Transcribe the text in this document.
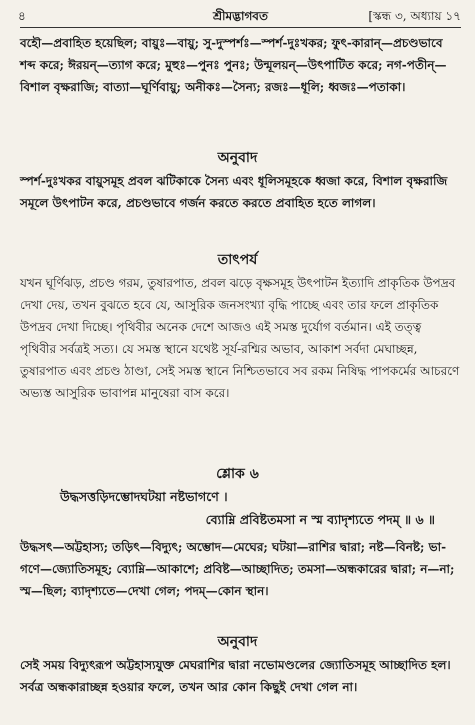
৪	শ্রীমদ্ভাগবত	[স্কন্ধ ৩, অধ্যায় ১৭

বহৌ—প্রবাহিত হয়েছিল; বায়ুঃ—বায়ু; সু-দুস্পর্শঃ—স্পর্শ-দুঃখকর; ফুৎ-কারান্—প্রচণ্ডভাবে শব্দ করে; ঈরয়ন্—ত্যাগ করে; মুহুঃ—পুনঃ পুনঃ; উন্মূলয়ন্—উৎপাটিত করে; নগ-পতীন্—বিশাল বৃক্ষরাজি; বাত্যা—ঘূর্ণিবায়ু; অনীকঃ—সৈন্য; রজঃ—ধূলি; ধ্বজঃ—পতাকা।

অনুবাদ

স্পর্শ-দুঃখকর বায়ুসমূহ প্রবল ঝটিকাকে সৈন্য এবং ধূলিসমূহকে ধ্বজা করে, বিশাল বৃক্ষরাজি সমূলে উৎপাটন করে, প্রচণ্ডভাবে গর্জন করতে করতে প্রবাহিত হতে লাগল।

তাৎপর্য

যখন ঘূর্ণিঝড়, প্রচণ্ড গরম, তুষারপাত, প্রবল ঝড়ে বৃক্ষসমূহ উৎপাটন ইত্যাদি প্রাকৃতিক উপদ্রব দেখা দেয়, তখন বুঝতে হবে যে, আসুরিক জনসংখ্যা বৃদ্ধি পাচ্ছে এবং তার ফলে প্রাকৃতিক উপদ্রব দেখা দিচ্ছে। পৃথিবীর অনেক দেশে আজও এই সমস্ত দুর্যোগ বর্তমান। এই তত্ত্ব পৃথিবীর সর্বত্রই সত্য। যে সমস্ত স্থানে যথেষ্ট সূর্য-রশ্মির অভাব, আকাশ সর্বদা মেঘাচ্ছন্ন, তুষারপাত এবং প্রচণ্ড ঠাণ্ডা, সেই সমস্ত স্থানে নিশ্চিতভাবে সব রকম নিষিদ্ধ পাপকর্মের আচরণে অভ্যস্ত আসুরিক ভাবাপন্ন মানুষেরা বাস করে।

শ্লোক ৬
উদ্ধসত্তড়িদম্ভোদঘটয়া নষ্টভাগণে ।
ব্যোম্নি প্রবিষ্টতমসা ন স্ম ব্যাদৃশ্যতে পদম্ ॥ ৬ ॥

উদ্ধসৎ—অট্টহাস্য; তড়িৎ—বিদ্যুৎ; অম্ভোদ—মেঘের; ঘটয়া—রাশির দ্বারা; নষ্ট—বিনষ্ট; ভা-গণে—জ্যোতিসমূহ; ব্যোম্নি—আকাশে; প্রবিষ্ট—আচ্ছাদিত; তমসা—অন্ধকারের দ্বারা; ন—না; স্ম—ছিল; ব্যাদৃশ্যতে—দেখা গেল; পদম্—কোন স্থান।

অনুবাদ

সেই সময় বিদ্যুৎরূপ অট্টহাস্যযুক্ত মেঘরাশির দ্বারা নভোমণ্ডলের জ্যোতিসমূহ আচ্ছাদিত হল। সর্বত্র অন্ধকারাচ্ছন্ন হওয়ার ফলে, তখন আর কোন কিছুই দেখা গেল না।
